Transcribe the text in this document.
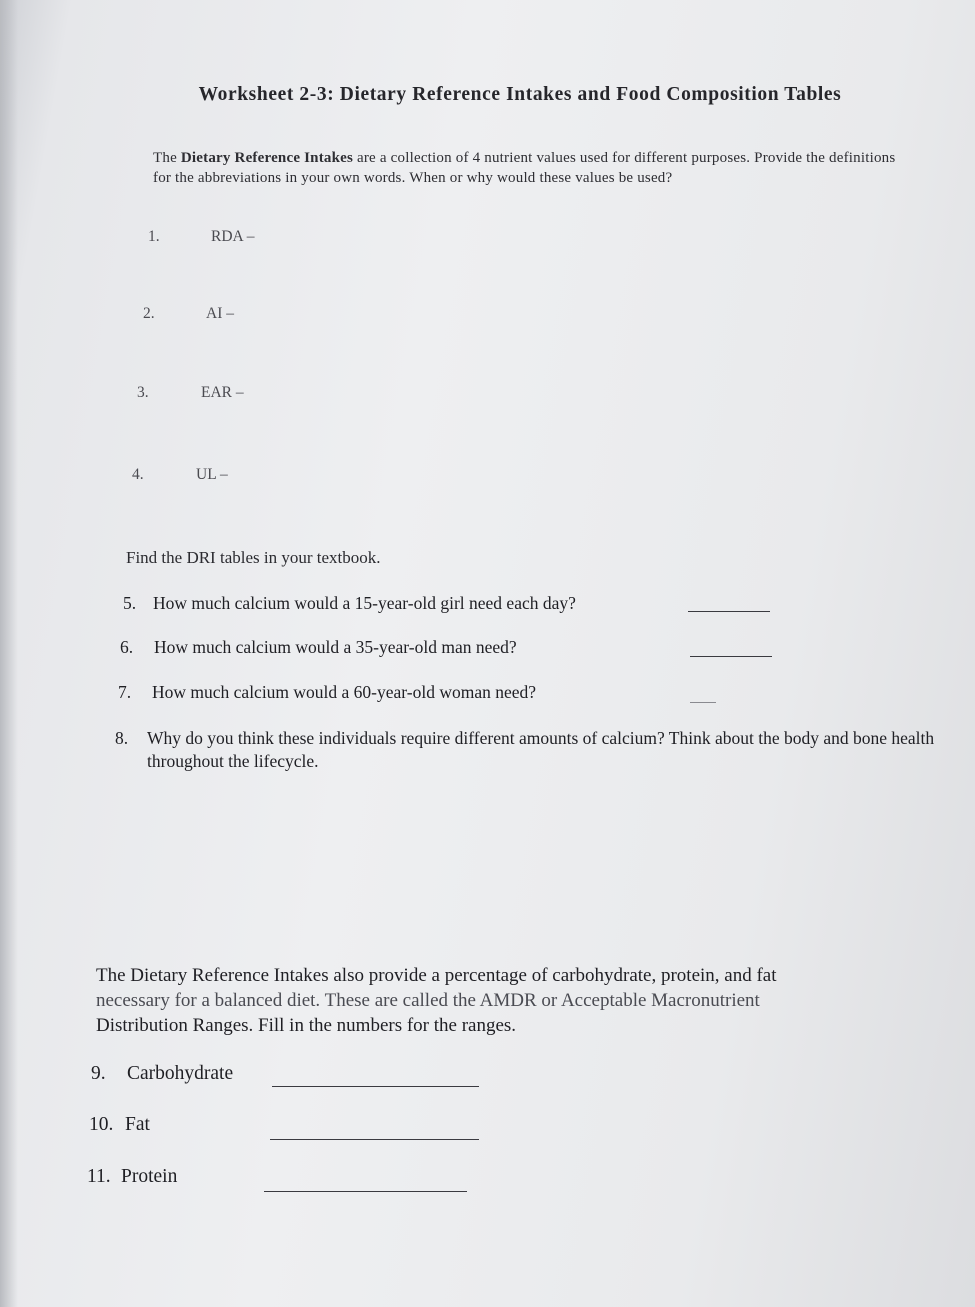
Worksheet 2-3: Dietary Reference Intakes and Food Composition Tables
The Dietary Reference Intakes are a collection of 4 nutrient values used for different purposes. Provide the definitions for the abbreviations in your own words. When or why would these values be used?
1.	RDA –
2.	AI –
3.	EAR –
4.	UL –
Find the DRI tables in your textbook.
5. How much calcium would a 15-year-old girl need each day?
6. How much calcium would a 35-year-old man need?
7. How much calcium would a 60-year-old woman need?
8. Why do you think these individuals require different amounts of calcium? Think about the body and bone health throughout the lifecycle.
The Dietary Reference Intakes also provide a percentage of carbohydrate, protein, and fat
necessary for a balanced diet. These are called the AMDR or Acceptable Macronutrient
Distribution Ranges. Fill in the numbers for the ranges.
9. Carbohydrate
10. Fat
11. Protein
